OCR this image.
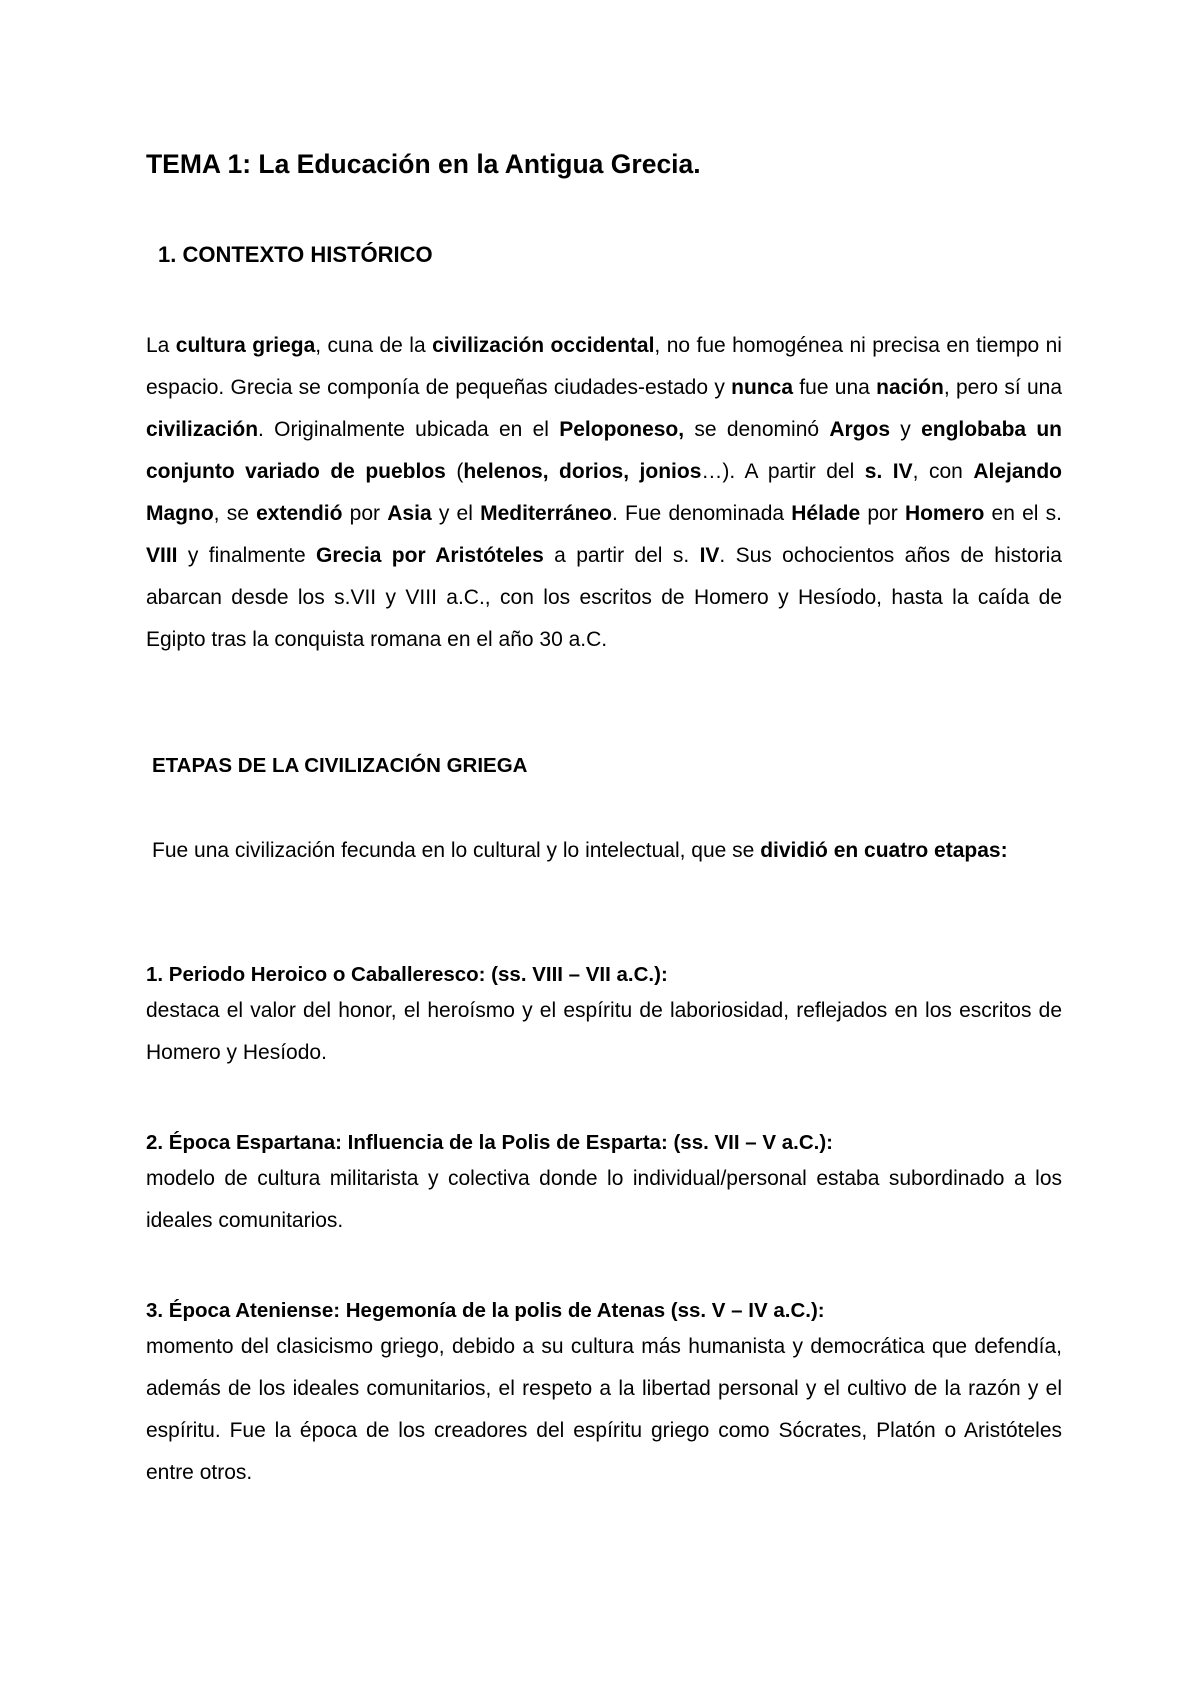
TEMA 1: La Educación en la Antigua Grecia.
1. CONTEXTO HISTÓRICO

La cultura griega, cuna de la civilización occidental, no fue homogénea ni precisa en tiempo ni espacio. Grecia se componía de pequeñas ciudades-estado y nunca fue una nación, pero sí una civilización. Originalmente ubicada en el Peloponeso, se denominó Argos y englobaba un conjunto variado de pueblos (helenos, dorios, jonios…). A partir del s. IV, con Alejando Magno, se extendió por Asia y el Mediterráneo. Fue denominada Hélade por Homero en el s. VIII y finalmente Grecia por Aristóteles a partir del s. IV. Sus ochocientos años de historia abarcan desde los s.VII y VIII a.C., con los escritos de Homero y Hesíodo, hasta la caída de Egipto tras la conquista romana en el año 30 a.C.

ETAPAS DE LA CIVILIZACIÓN GRIEGA

Fue una civilización fecunda en lo cultural y lo intelectual, que se dividió en cuatro etapas:

1. Periodo Heroico o Caballeresco: (ss. VIII – VII a.C.):

destaca el valor del honor, el heroísmo y el espíritu de laboriosidad, reflejados en los escritos de Homero y Hesíodo.

2. Época Espartana: Influencia de la Polis de Esparta: (ss. VII – V a.C.):

modelo de cultura militarista y colectiva donde lo individual/personal estaba subordinado a los ideales comunitarios.

3. Época Ateniense: Hegemonía de la polis de Atenas (ss. V – IV a.C.):

momento del clasicismo griego, debido a su cultura más humanista y democrática que defendía, además de los ideales comunitarios, el respeto a la libertad personal y el cultivo de la razón y el espíritu. Fue la época de los creadores del espíritu griego como Sócrates, Platón o Aristóteles entre otros.
